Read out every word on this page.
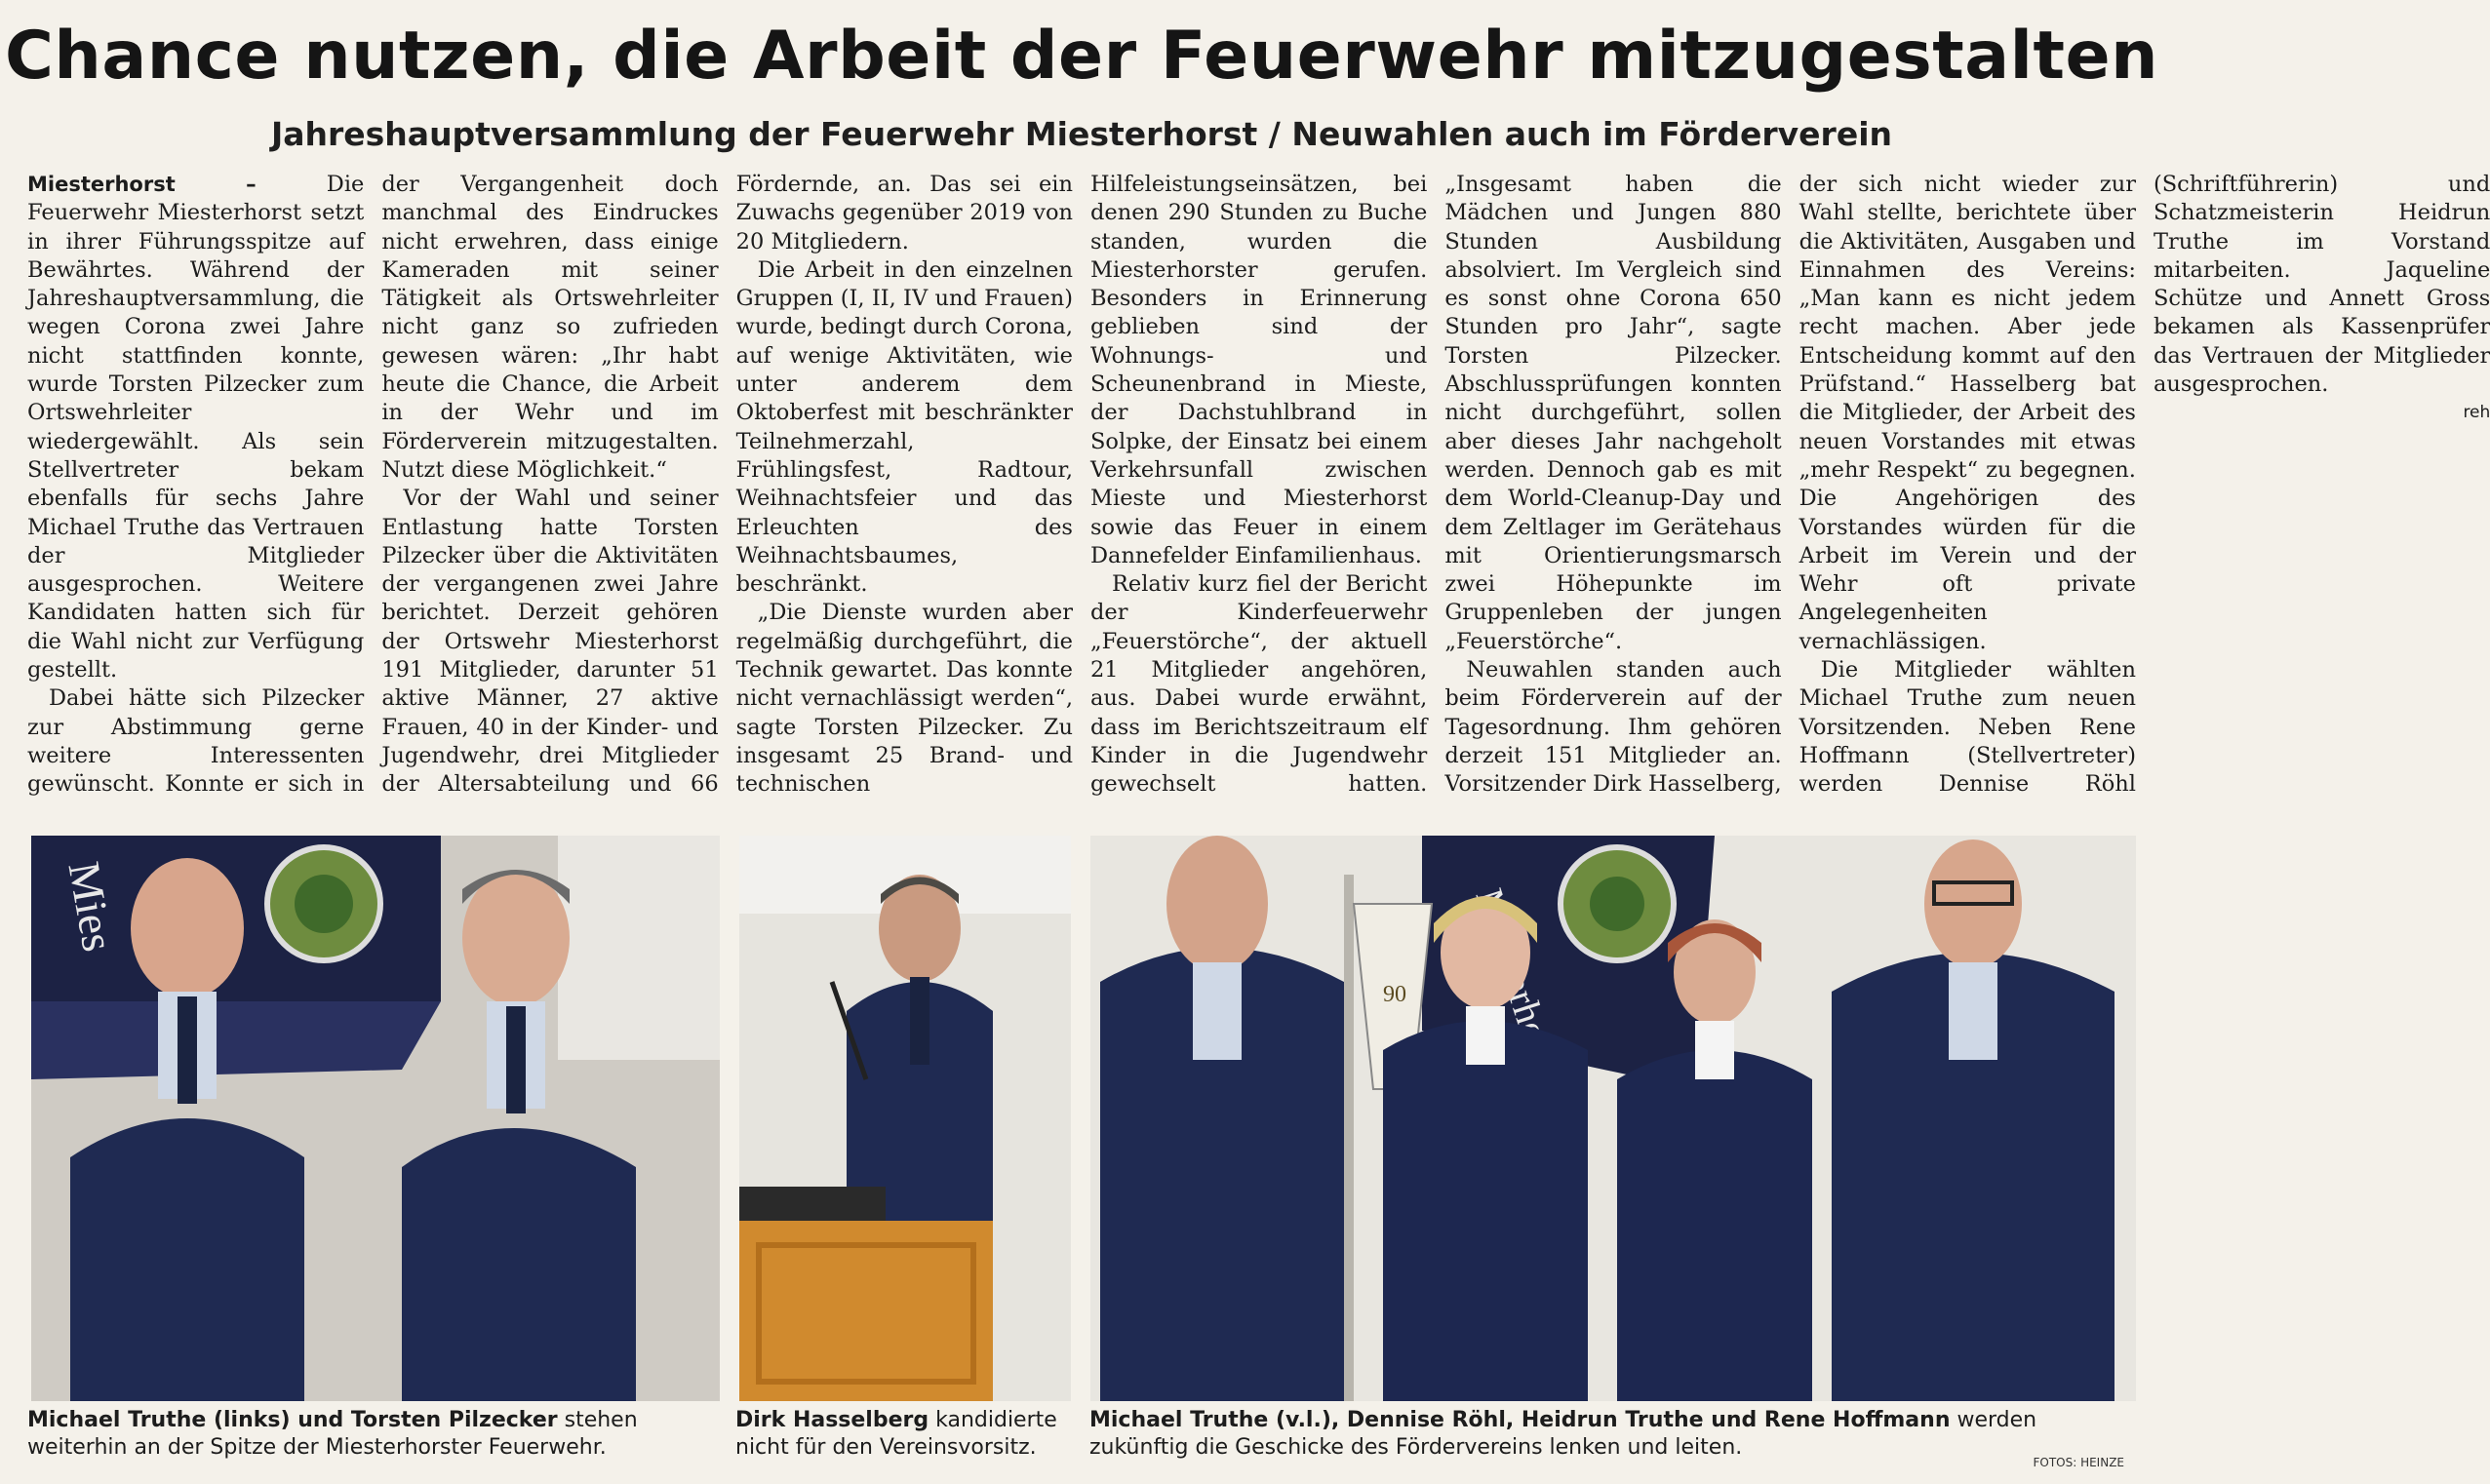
Chance nutzen, die Arbeit der Feuerwehr mitzugestalten
Jahreshauptversammlung der Feuerwehr Miesterhorst / Neuwahlen auch im Förderverein

Miesterhorst –	Die Feuerwehr Miesterhorst setzt in ihrer Führungsspitze auf Bewährtes. Während der Jahreshauptversammlung, die wegen Corona zwei Jahre nicht stattfinden konnte, wurde Torsten Pilzecker zum Ortswehrleiter wiedergewählt. Als sein Stellvertreter bekam ebenfalls für sechs Jahre Michael Truthe das Vertrauen der Mitglieder ausgesprochen. Weitere Kandidaten hatten sich für die Wahl nicht zur Verfügung gestellt.

Dabei hätte sich Pilzecker zur Abstimmung gerne weitere Interessenten gewünscht. Konnte er sich in der Vergangenheit doch manchmal des Eindruckes nicht erwehren, dass einige Kameraden mit seiner Tätigkeit als Ortswehrleiter nicht ganz so zufrieden gewesen wären: „Ihr habt heute die Chance, die Arbeit in der Wehr und im Förderverein mitzugestalten. Nutzt diese Möglichkeit.“

Vor der Wahl und seiner Entlastung hatte Torsten Pilzecker über die Aktivitäten der vergangenen zwei Jahre berichtet. Derzeit gehören der Ortswehr Miesterhorst 191 Mitglieder, darunter 51 aktive Männer, 27 aktive Frauen, 40 in der Kinder- und Jugendwehr, drei Mitglieder der Altersabteilung und 66 Fördernde, an. Das sei ein Zuwachs gegenüber 2019 von 20 Mitgliedern.

Die Arbeit in den einzelnen Gruppen (I, II, IV und Frauen) wurde, bedingt durch Corona, auf wenige Aktivitäten, wie unter anderem dem Oktoberfest mit beschränkter Teilnehmerzahl, Frühlingsfest, Radtour, Weihnachtsfeier und das Erleuchten des Weihnachtsbaumes, beschränkt.

„Die Dienste wurden aber regelmäßig durchgeführt, die Technik gewartet. Das konnte nicht vernachlässigt werden“, sagte Torsten Pilzecker. Zu insgesamt 25 Brand- und technischen Hilfeleistungseinsätzen, bei denen 290 Stunden zu Buche standen, wurden die Miesterhorster gerufen. Besonders in Erinnerung geblieben sind der Wohnungs- und Scheunenbrand in Mieste, der Dachstuhlbrand in Solpke, der Einsatz bei einem Verkehrsunfall zwischen Mieste und Miesterhorst sowie das Feuer in einem Dannefelder Einfamilienhaus.

Relativ kurz fiel der Bericht der Kinderfeuerwehr „Feuerstörche“, der aktuell 21 Mitglieder angehören, aus. Dabei wurde erwähnt, dass im Berichtszeitraum elf Kinder in die Jugendwehr gewechselt hatten. „Insgesamt haben die Mädchen und Jungen 880 Stunden Ausbildung absolviert. Im Vergleich sind es sonst ohne Corona 650 Stunden pro Jahr“, sagte Torsten Pilzecker. Abschlussprüfungen konnten nicht durchgeführt, sollen aber dieses Jahr nachgeholt werden. Dennoch gab es mit dem World-Cleanup-Day und dem Zeltlager im Gerätehaus mit Orientierungsmarsch zwei Höhepunkte im Gruppenleben der jungen „Feuerstörche“.

Neuwahlen standen auch beim Förderverein auf der Tagesordnung. Ihm gehören derzeit 151 Mitglieder an. Vorsitzender Dirk Hasselberg, der sich nicht wieder zur Wahl stellte, berichtete über die Aktivitäten, Ausgaben und Einnahmen des Vereins: „Man kann es nicht jedem recht machen. Aber jede Entscheidung kommt auf den Prüfstand.“ Hasselberg bat die Mitglieder, der Arbeit des neuen Vorstandes mit etwas „mehr Respekt“ zu begegnen. Die Angehörigen des Vorstandes würden für die Arbeit im Verein und der Wehr oft private Angelegenheiten vernachlässigen.

Die Mitglieder wählten Michael Truthe zum neuen Vorsitzenden. Neben Rene Hoffmann (Stellvertreter) werden Dennise Röhl (Schriftführerin) und Schatzmeisterin Heidrun Truthe im Vorstand mitarbeiten. Jaqueline Schütze und Annett Gross bekamen als Kassenprüfer das Vertrauen der Mitglieder ausgesprochen.

reh
Mies
Michael Truthe (links) und Torsten Pilzecker stehen weiterhin an der Spitze der Miesterhorster Feuerwehr.
Dirk Hasselberg kandidierte nicht für den Vereinsvorsitz.
90
Michael Truthe (v.l.), Dennise Röhl, Heidrun Truthe und Rene Hoffmann werden zukünftig die Geschicke des Fördervereins lenken und leiten.
FOTOS: HEINZE
